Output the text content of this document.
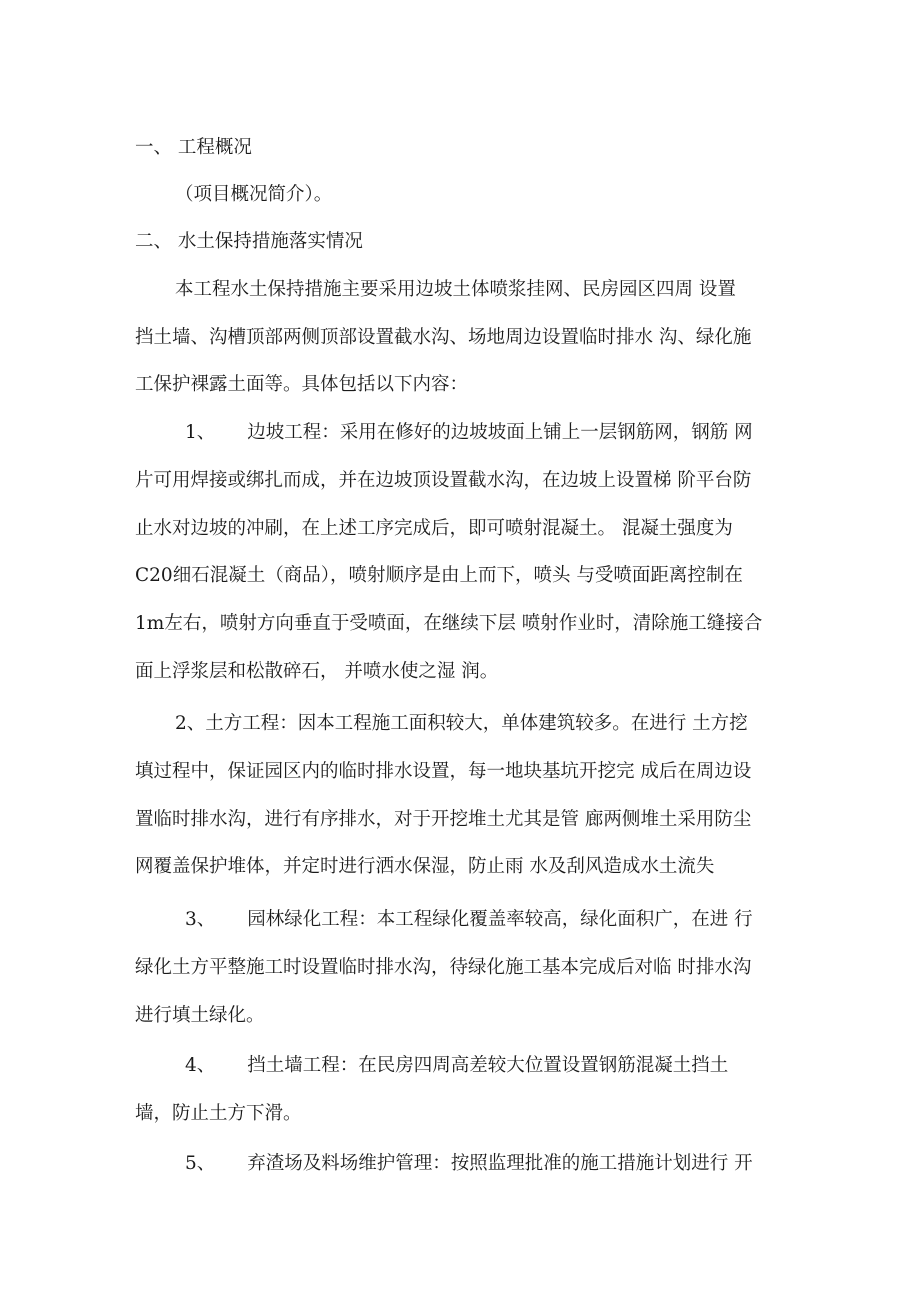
一、 工程概况

（项目概况简介）。

二、 水土保持措施落实情况

本工程水土保持措施主要采用边坡土体喷浆挂网、民房园区四周 设置

挡土墙、沟槽顶部两侧顶部设置截水沟、场地周边设置临时排水 沟、绿化施

工保护裸露土面等。具体包括以下内容：

1、 边坡工程：采用在修好的边坡坡面上铺上一层钢筋网，钢筋 网

片可用焊接或绑扎而成，并在边坡顶设置截水沟，在边坡上设置梯 阶平台防

止水对边坡的冲刷，在上述工序完成后，即可喷射混凝土。 混凝土强度为

C20细石混凝土（商品），喷射顺序是由上而下，喷头 与受喷面距离控制在

1m左右，喷射方向垂直于受喷面，在继续下层 喷射作业时，清除施工缝接合

面上浮浆层和松散碎石， 并喷水使之湿 润。

2、土方工程：因本工程施工面积较大，单体建筑较多。在进行 土方挖

填过程中，保证园区内的临时排水设置，每一地块基坑开挖完 成后在周边设

置临时排水沟，进行有序排水，对于开挖堆土尤其是管 廊两侧堆土采用防尘

网覆盖保护堆体，并定时进行洒水保湿，防止雨 水及刮风造成水土流失

3、 园林绿化工程：本工程绿化覆盖率较高，绿化面积广，在进 行

绿化土方平整施工时设置临时排水沟，待绿化施工基本完成后对临 时排水沟

进行填土绿化。

4、 挡土墙工程：在民房四周高差较大位置设置钢筋混凝土挡土

墙，防止土方下滑。

5、 弃渣场及料场维护管理：按照监理批准的施工措施计划进行 开
